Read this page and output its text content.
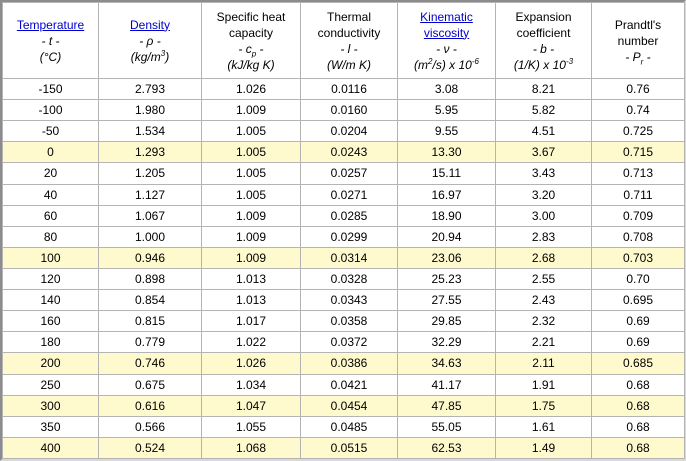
Temperature
- t -
(°C)	Density
- ρ -
$(kg/m^3)$	Specific heat
capacity
- $c_p$ -
(kJ/kg K)	Thermal
conductivity
- l -
(W/m K)	Kinematic
viscosity
- ν -
$(m^2/s)$ x $10^{-6}$	Expansion
coefficient
- b -
(1/K) x $10^{-3}$	Prandtl's
number
- $P_r$ -

-150	2.793	1.026	0.0116	3.08	8.21	0.76
-100	1.980	1.009	0.0160	5.95	5.82	0.74
-50	1.534	1.005	0.0204	9.55	4.51	0.725
0	1.293	1.005	0.0243	13.30	3.67	0.715
20	1.205	1.005	0.0257	15.11	3.43	0.713
40	1.127	1.005	0.0271	16.97	3.20	0.711
60	1.067	1.009	0.0285	18.90	3.00	0.709
80	1.000	1.009	0.0299	20.94	2.83	0.708
100	0.946	1.009	0.0314	23.06	2.68	0.703
120	0.898	1.013	0.0328	25.23	2.55	0.70
140	0.854	1.013	0.0343	27.55	2.43	0.695
160	0.815	1.017	0.0358	29.85	2.32	0.69
180	0.779	1.022	0.0372	32.29	2.21	0.69
200	0.746	1.026	0.0386	34.63	2.11	0.685
250	0.675	1.034	0.0421	41.17	1.91	0.68
300	0.616	1.047	0.0454	47.85	1.75	0.68
350	0.566	1.055	0.0485	55.05	1.61	0.68
400	0.524	1.068	0.0515	62.53	1.49	0.68
